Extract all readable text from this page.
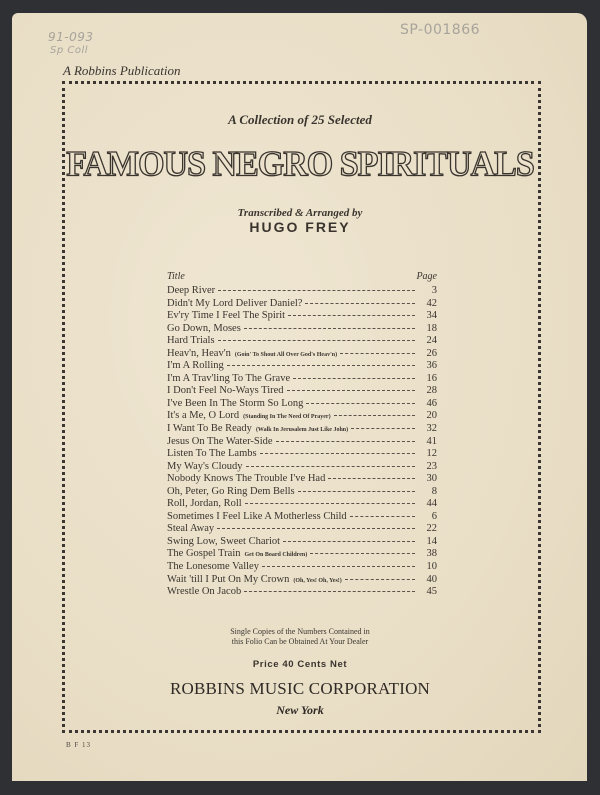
91-093
Sp Coll
SP-001866
A Robbins Publication
A Collection of 25 Selected
FAMOUS NEGRO SPIRITUALS
Transcribed & Arranged by
HUGO FREY
Title	Page
Deep River	3
Didn't My Lord Deliver Daniel?	42
Ev'ry Time I Feel The Spirit	34
Go Down, Moses	18
Hard Trials	24
Heav'n, Heav'n (Goin' To Shout All Over God's Heav'n)	26
I'm A Rolling	36
I'm A Trav'ling To The Grave	16
I Don't Feel No-Ways Tired	28
I've Been In The Storm So Long	46
It's a Me, O Lord (Standing In The Need Of Prayer)	20
I Want To Be Ready (Walk In Jerusalem Just Like John)	32
Jesus On The Water-Side	41
Listen To The Lambs	12
My Way's Cloudy	23
Nobody Knows The Trouble I've Had	30
Oh, Peter, Go Ring Dem Bells	8
Roll, Jordan, Roll	44
Sometimes I Feel Like A Motherless Child	6
Steal Away	22
Swing Low, Sweet Chariot	14
The Gospel Train Get On Board Children)	38
The Lonesome Valley	10
Wait 'till I Put On My Crown (Oh, Yes! Oh, Yes!)	40
Wrestle On Jacob	45
Single Copies of the Numbers Contained in
this Folio Can be Obtained At Your Dealer
Price 40 Cents Net
ROBBINS MUSIC CORPORATION
New York
B F 13
